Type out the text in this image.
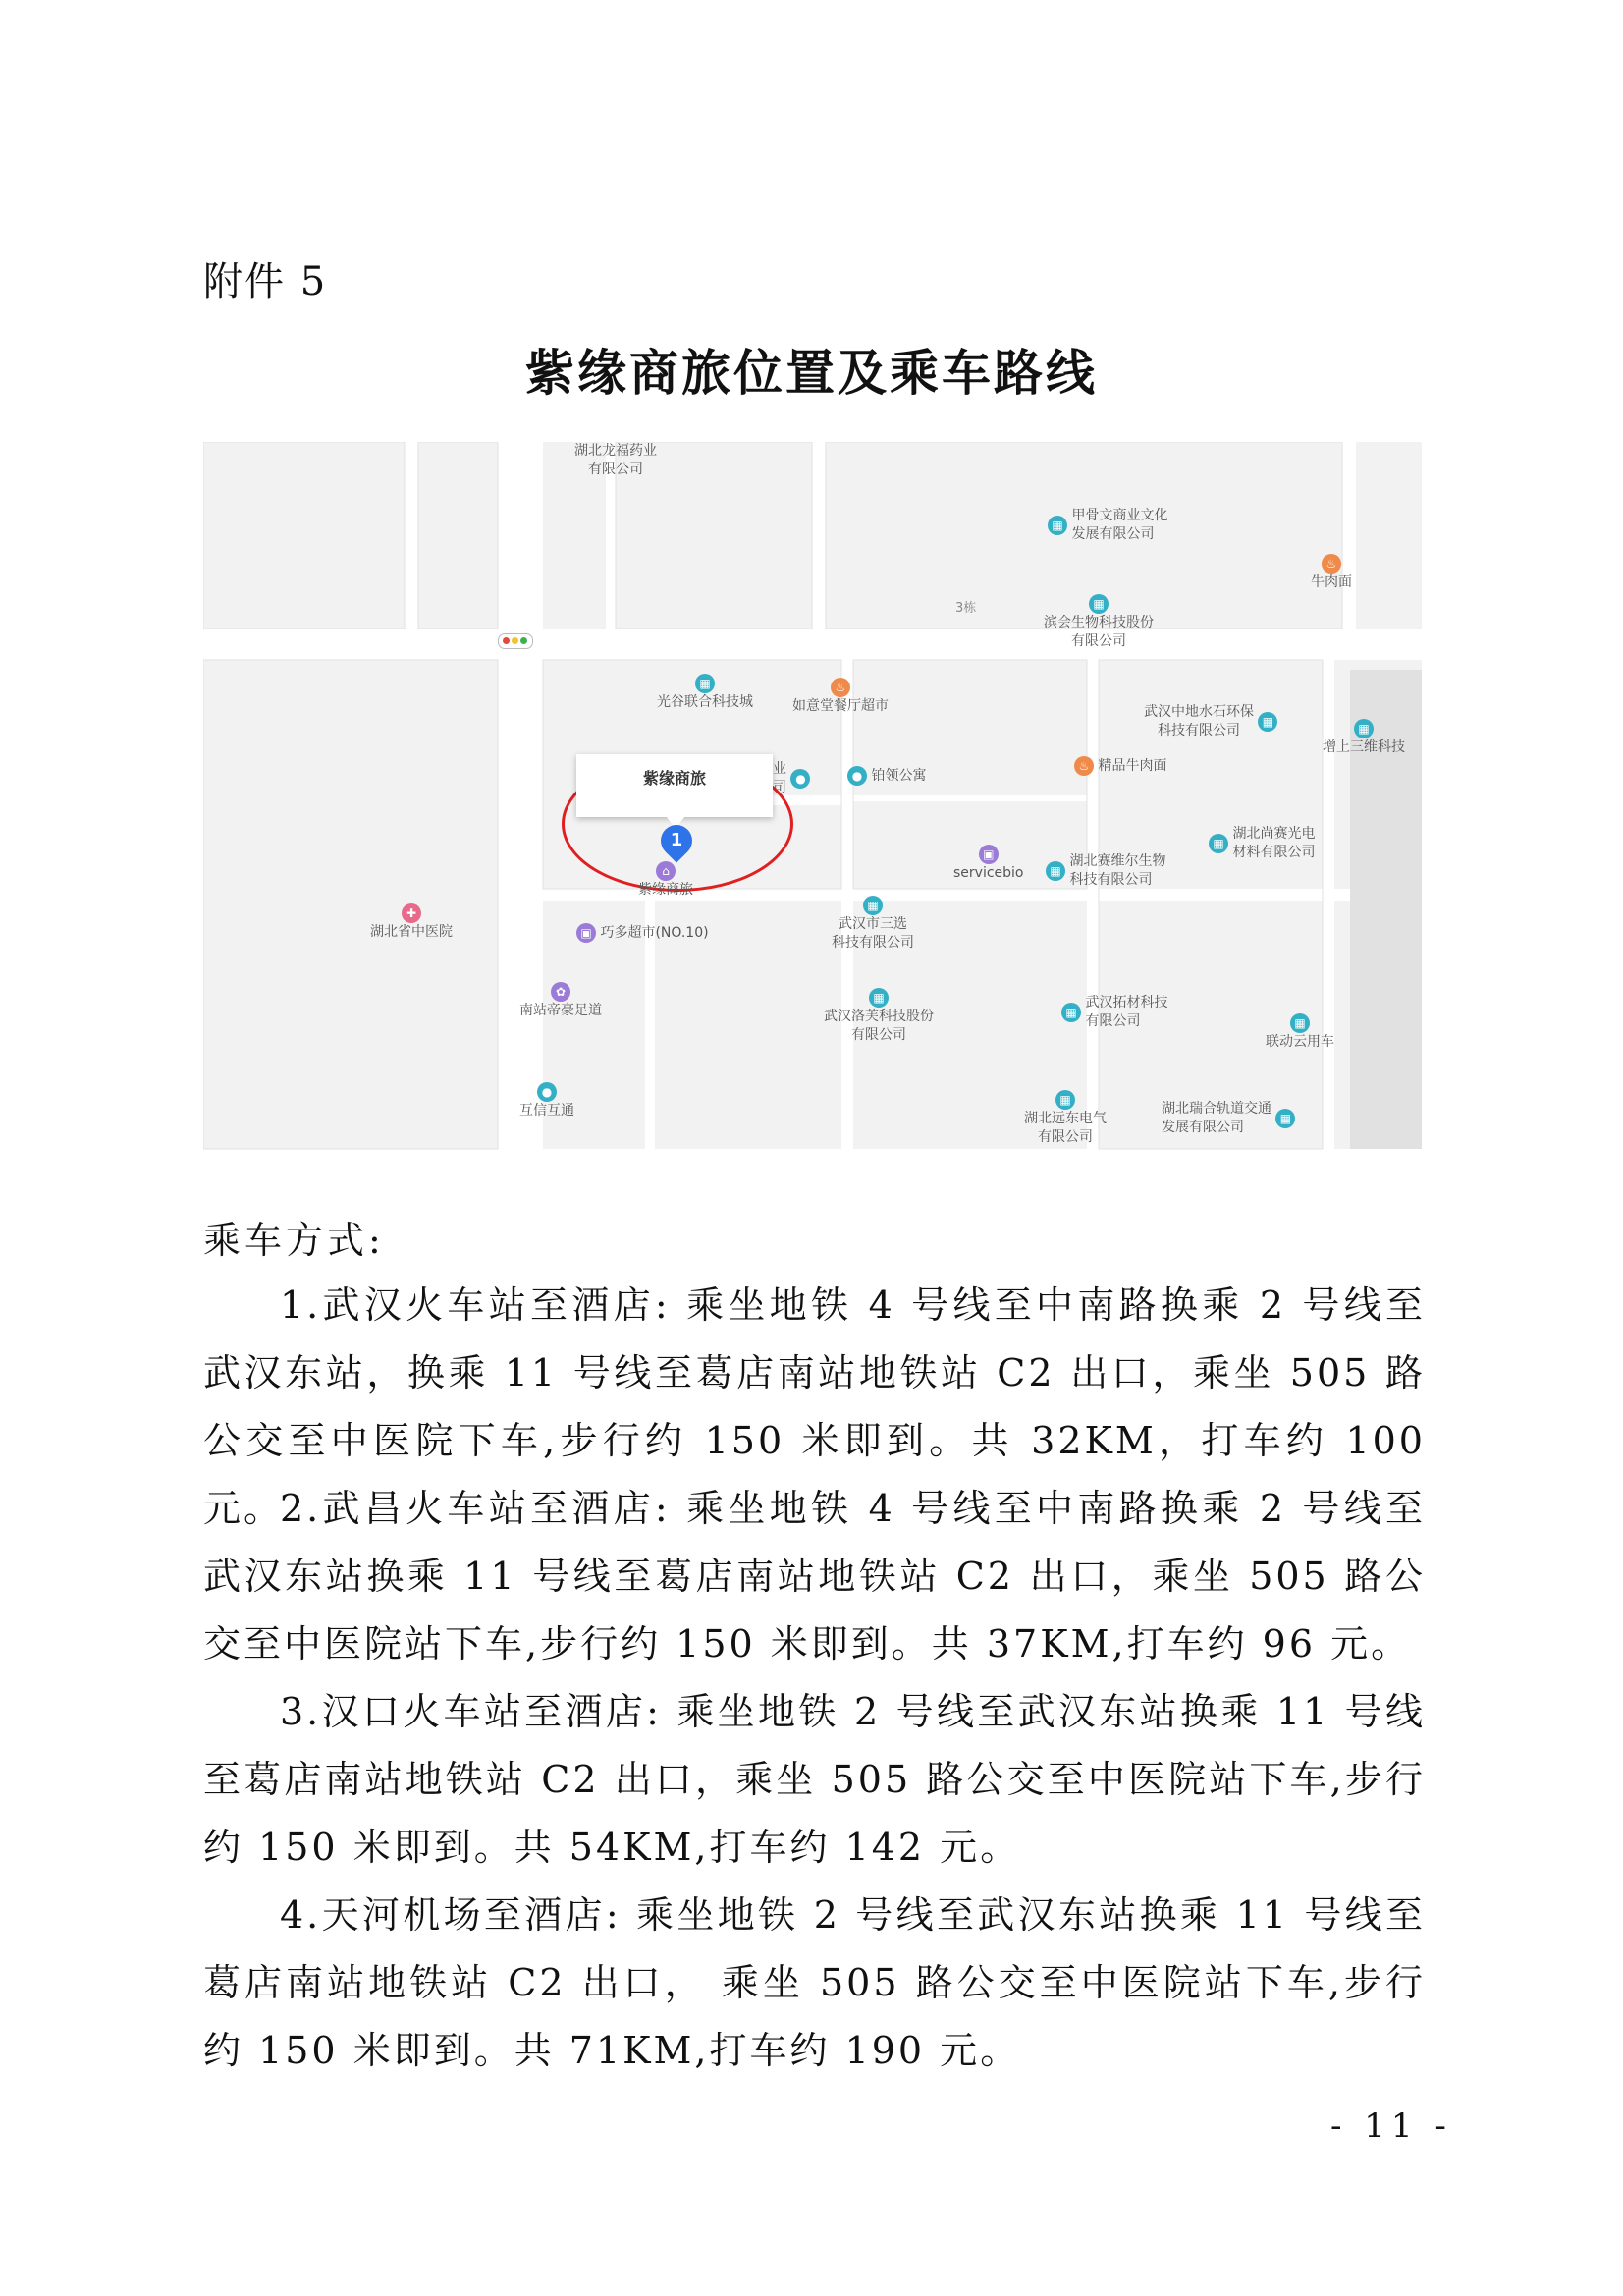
附件 5
紫缘商旅位置及乘车路线
3栋
湖北龙福药业
有限公司
▦ 甲骨文商业文化
发展有限公司
♨
牛肉面
▦
滨会生物科技股份
有限公司
▦
光谷联合科技城
♨
如意堂餐厅超市	武汉中地水石环保
科技有限公司 ▦	▦
增上三维科技
♨ 精品牛肉面
● 铂领公寓
业
司 ●
▦ 湖北尚赛光电
材料有限公司
▦ 湖北赛维尔生物
科技有限公司
▣
servicebio
✚
湖北省中医院
紫缘商旅
1
⌂
紫缘商旅
▣ 巧多超市(NO.10)
▦
武汉市三选
科技有限公司
✿
南站帝豪足道	▦ 武汉拓材科技
有限公司
▦
武汉洛芙科技股份
有限公司
▦
联动云用车
●
互信互通
▦
湖北远东电气
有限公司
湖北瑞合轨道交通
发展有限公司 ▦
乘车方式:
1.武汉火车站至酒店: 乘坐地铁 4 号线至中南路换乘 2 号线至武汉东站，换乘 11 号线至葛店南站地铁站 C2 出口，乘坐 505 路公交至中医院下车,步行约 150 米即到。共 32KM，打车约 100 元。
2.武昌火车站至酒店: 乘坐地铁 4 号线至中南路换乘 2 号线至武汉东站换乘 11 号线至葛店南站地铁站 C2 出口，乘坐 505 路公交至中医院站下车,步行约 150 米即到。共 37KM,打车约 96 元。
3.汉口火车站至酒店: 乘坐地铁 2 号线至武汉东站换乘 11 号线至葛店南站地铁站 C2 出口，乘坐 505 路公交至中医院站下车,步行约 150 米即到。共 54KM,打车约 142 元。
4.天河机场至酒店: 乘坐地铁 2 号线至武汉东站换乘 11 号线至葛店南站地铁站 C2 出口， 乘坐 505 路公交至中医院站下车,步行约 150 米即到。共 71KM,打车约 190 元。
- 11 -
